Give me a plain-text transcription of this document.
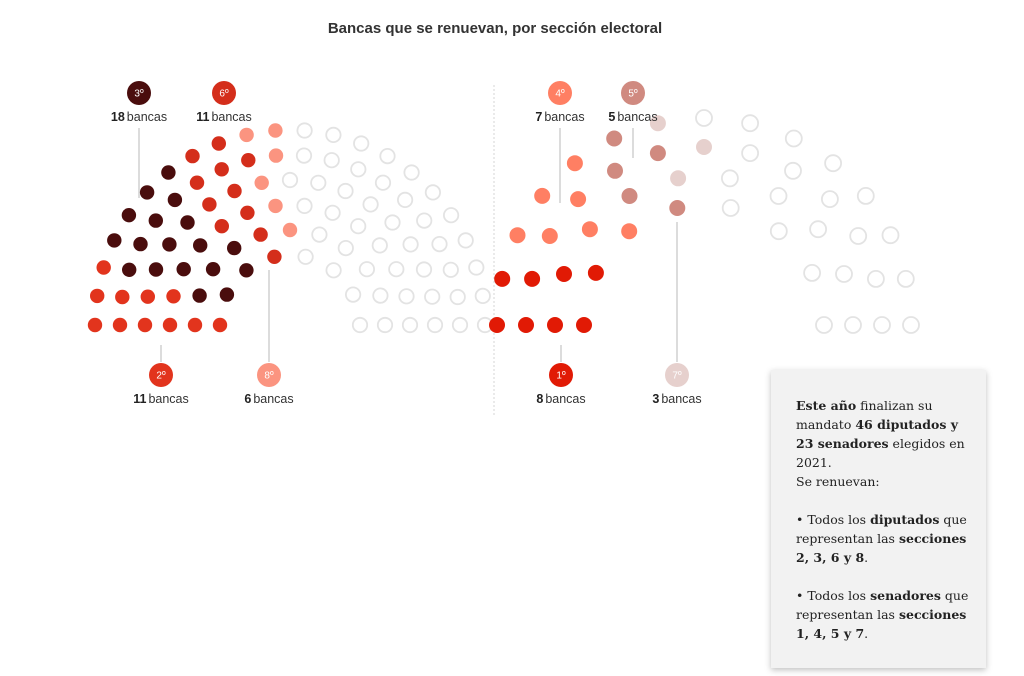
Bancas que se renuevan, por sección electoral
3º
18 bancas
6º
11 bancas
2º
11 bancas
8º
6 bancas
4º
7 bancas
5º
5 bancas
1º
8 bancas
7º
3 bancas	Este año finalizan su mandato 46 diputados y 23 senadores elegidos en 2021.

Se renuevan:

• Todos los diputados que representan las secciones 2, 3, 6 y 8.

• Todos los senadores que representan las secciones 1, 4, 5 y 7.
